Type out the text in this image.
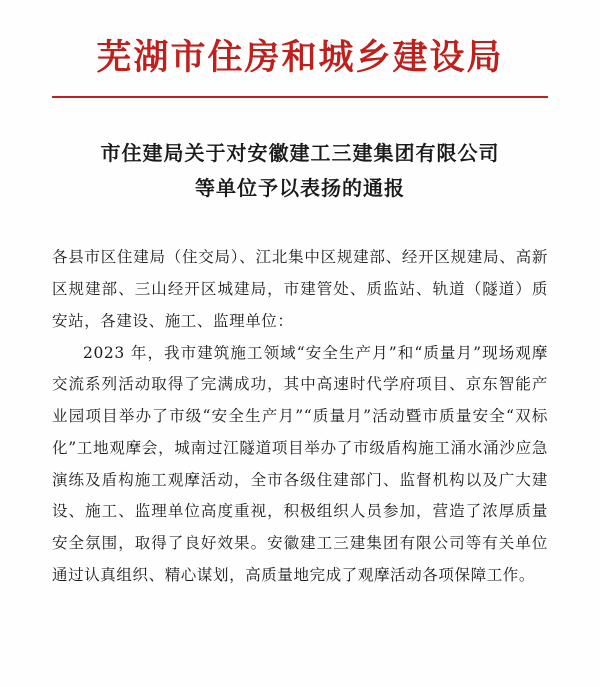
芜湖市住房和城乡建设局
市住建局关于对安徽建工三建集团有限公司
等单位予以表扬的通报

各县市区住建局（住交局）、江北集中区规建部、经开区规建局、高新区规建部、三山经开区城建局，市建管处、质监站、轨道（隧道）质安站，各建设、施工、监理单位：

2023 年，我市建筑施工领域“安全生产月”和“质量月”现场观摩交流系列活动取得了完满成功，其中高速时代学府项目、京东智能产业园项目举办了市级“安全生产月”“质量月”活动暨市质量安全“双标化”工地观摩会，城南过江隧道项目举办了市级盾构施工涌水涌沙应急演练及盾构施工观摩活动，全市各级住建部门、监督机构以及广大建设、施工、监理单位高度重视，积极组织人员参加，营造了浓厚质量安全氛围，取得了良好效果。安徽建工三建集团有限公司等有关单位通过认真组织、精心谋划，高质量地完成了观摩活动各项保障工作。
